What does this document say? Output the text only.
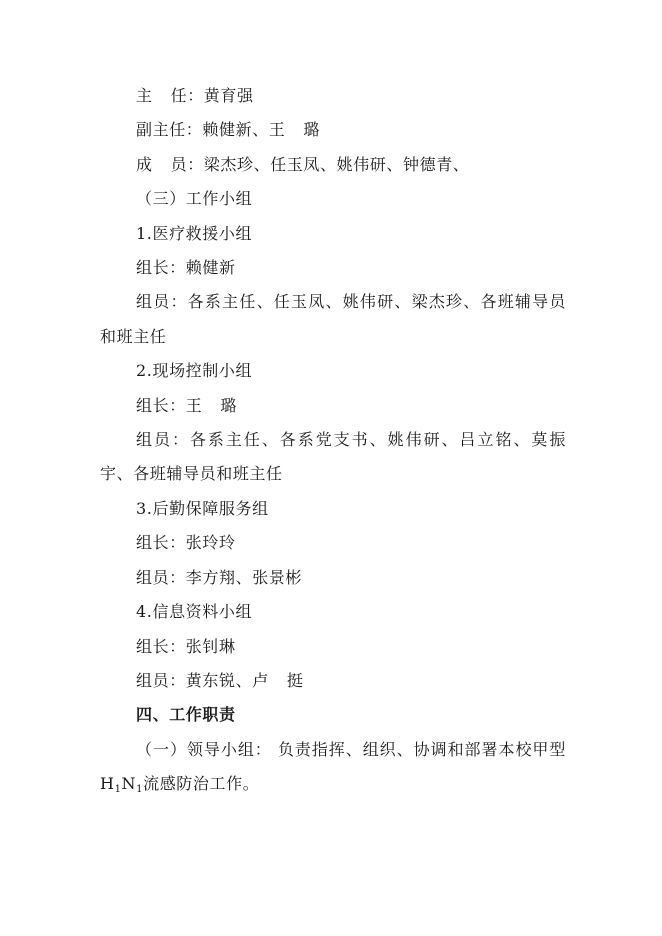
主 任：黄育强
副主任：赖健新、王 璐
成 员：梁杰珍、任玉凤、姚伟研、钟德青、
（三）工作小组
1.医疗救援小组
组长：赖健新
组员：各系主任、任玉凤、姚伟研、梁杰珍、各班辅导员和班主任
2.现场控制小组
组长：王 璐
组员：各系主任、各系党支书、姚伟研、吕立铭、莫振宇、各班辅导员和班主任
3.后勤保障服务组
组长：张玲玲
组员：李方翔、张景彬
4.信息资料小组
组长：张钊琳
组员：黄东锐、卢 挺
四、工作职责
（一）领导小组： 负责指挥、组织、协调和部署本校甲型 $H_1N_1$流感防治工作。
